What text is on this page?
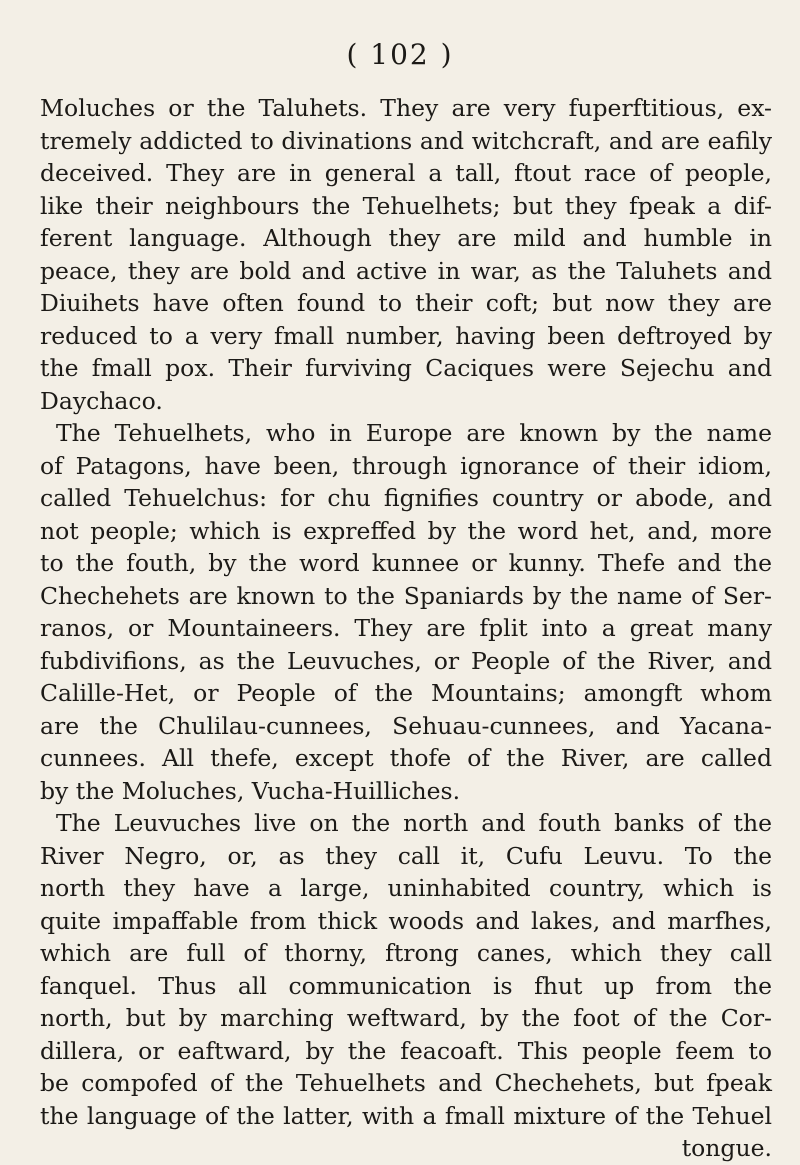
( 102 )
Moluches or the Taluhets. They are very fuperftitious, ex-
tremely addicted to divinations and witchcraft, and are eafily
deceived. They are in general a tall, ftout race of people,
like their neighbours the Tehuelhets; but they fpeak a dif-
ferent language. Although they are mild and humble in
peace, they are bold and active in war, as the Taluhets and
Diuihets have often found to their coft; but now they are
reduced to a very fmall number, having been deftroyed by
the fmall pox. Their furviving Caciques were Sejechu and
Daychaco.
The Tehuelhets, who in Europe are known by the name
of Patagons, have been, through ignorance of their idiom,
called Tehuelchus: for chu fignifies country or abode, and
not people; which is expreffed by the word het, and, more
to the fouth, by the word kunnee or kunny. Thefe and the
Chechehets are known to the Spaniards by the name of Ser-
ranos, or Mountaineers. They are fplit into a great many
fubdivifions, as the Leuvuches, or People of the River, and
Calille-Het, or People of the Mountains; amongft whom
are the Chulilau-cunnees, Sehuau-cunnees, and Yacana-
cunnees. All thefe, except thofe of the River, are called
by the Moluches, Vucha-Huilliches.
The Leuvuches live on the north and fouth banks of the
River Negro, or, as they call it, Cufu Leuvu. To the
north they have a large, uninhabited country, which is
quite impaffable from thick woods and lakes, and marfhes,
which are full of thorny, ftrong canes, which they call
fanquel. Thus all communication is fhut up from the
north, but by marching weftward, by the foot of the Cor-
dillera, or eaftward, by the feacoaft. This people feem to
be compofed of the Tehuelhets and Chechehets, but fpeak
the language of the latter, with a fmall mixture of the Tehuel
tongue.
